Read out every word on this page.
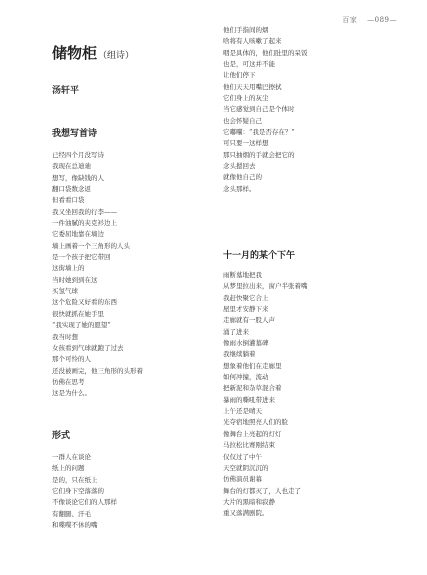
百家 —089—
储物柜（组诗）
汤轩平
我想写首诗
已经四个月没写诗
我现在总迪廸
想写，像缺钱的人
翻口袋数念返
但看看口袋
我又坐回我的行李——
一件油腻的夹克衫边上
它委屈地靠在墙边
墙上画着一个三角形的人头
是一个孩子把它带回
这街墙上的
当时她到到在这
买氢气球
这个危险又好看的东西
很快就抓在她手里
“我实现了她的愿望”
我当时想
女孩看到气球就跑了过去
那个可怜的人
还没被画完，他三角形的头形着
仿佛在思考
这是为什么。
形式
一群人在谈论
纸上的问题
是的，只在纸上
它们身下空落落的
不像谈论它们的人那样
有翻腿、汗毛
和喋喋不休的嘴
他们手指间的烟
啥将有人咳嗽了起来
咽是具体的，他们肚里的呆饭
也是，可这并不能
让他们停下
他们天天用嘴巴擦拭
它们身上的灰尘
当它感觉到自己是个体时
也会怀疑自己
它嘟囔：“我是否存在？”
可只要一这样想
那只抽烟的手就会把它的
念头摁回去
就像他自己的
念头那样。
十一月的某个下午
雨断墓地把我
从梦里拉出来，窗户半张着嘴
我赶快聚它合上
屋里才安静下来
走廊就有一股人声
涌了进来
像雨水倒灌墓碑
我继续躺着
想象着他们在走廊里
如何冲撞，流动
把新泥和杂草混合着
暴雨的嘶吼带进来
上午还是晴天
光夺宿地照亮人们的脸
像舞台上亮起的灯灯
马拉松比赛刚结束
仅仅过了中午
天空就阴沉沉的
仿佛演员谢幕
舞台的灯都灭了，人也走了
大片的黑暗和寂静
重又落满剧院。
